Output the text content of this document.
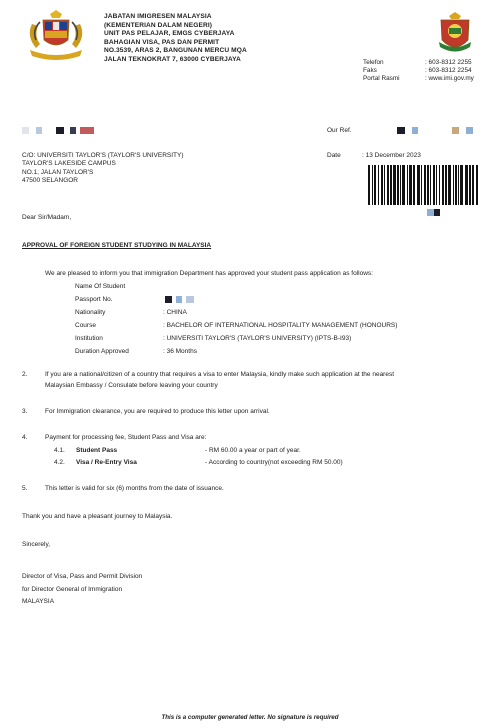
JABATAN IMIGRESEN MALAYSIA
(KEMENTERIAN DALAM NEGERI)
UNIT PAS PELAJAR, EMGS CYBERJAYA
BAHAGIAN VISA, PAS DAN PERMIT
NO.3539, ARAS 2, BANGUNAN MERCU MQA
JALAN TEKNOKRAT 7, 63000 CYBERJAYA	Telefon	: 603-8312 2255
Faks	: 603-8312 2254
Portal Rasmi	: www.imi.gov.my
Our Ref.
C/O: UNIVERSITI TAYLOR'S (TAYLOR'S UNIVERSITY)
TAYLOR'S LAKESIDE CAMPUS
NO.1, JALAN TAYLOR'S
47500 SELANGOR
Date	: 13 December 2023
Dear Sir/Madam,
APPROVAL OF FOREIGN STUDENT STUDYING IN MALAYSIA
We are pleased to inform you that immigration Department has approved your student pass application as follows:
Name Of Student
Passport No.
Nationality	: CHINA
Course	: BACHELOR OF INTERNATIONAL HOSPITALITY MANAGEMENT (HONOURS)
Institution	: UNIVERSITI TAYLOR'S (TAYLOR'S UNIVERSITY) (IPTS-B-I93)
Duration Approved	: 36 Months
2.	If you are a national/citizen of a country that requires a visa to enter Malaysia, kindly make such application at the nearest
Malaysian Embassy / Consulate before leaving your country
3.	For Immigration clearance, you are required to produce this letter upon arrival.
4.	Payment for processing fee, Student Pass and Visa are:
4.1. Student Pass	- RM 60.00 a year or part of year.
4.2. Visa / Re-Entry Visa	- According to country(not exceeding RM 50.00)
5.	This letter is valid for six (6) months from the date of issuance.
Thank you and have a pleasant journey to Malaysia.
Sincerely,
Director of Visa, Pass and Permit Division
for Director General of Immigration
MALAYSIA
This is a computer generated letter. No signature is required
